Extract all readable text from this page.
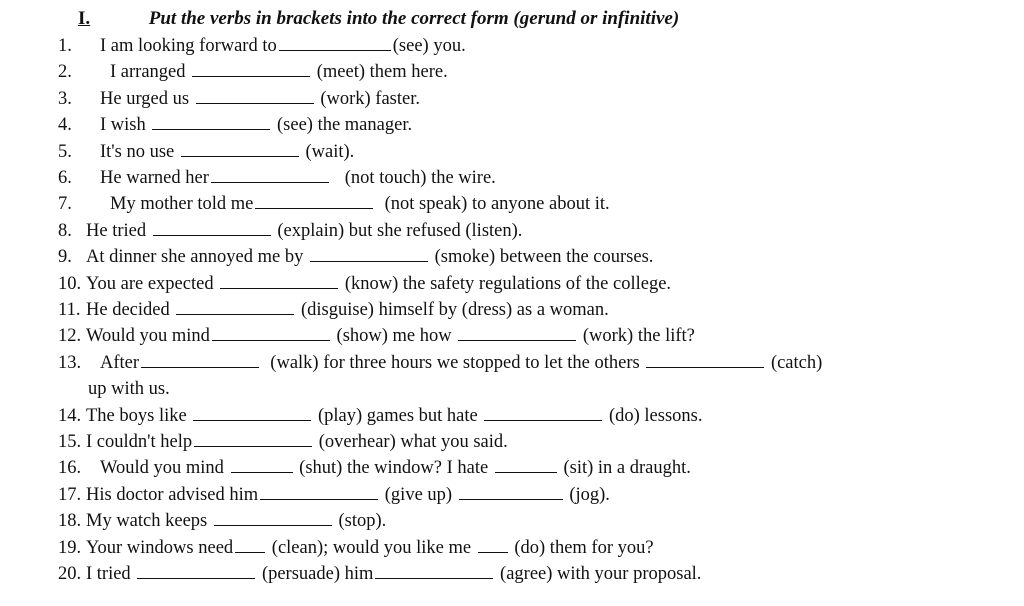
I.	Put the verbs in brackets into the correct form (gerund or infinitive)
1. I am looking forward to	(see) you.
2. I arranged	(meet) them here.
3. He urged us	(work) faster.
4. I wish	(see) the manager.
5. It's no use	(wait).
6. He warned her	(not touch) the wire.
7. My mother told me	(not speak) to anyone about it.
8. He tried	(explain) but she refused (listen).
9. At dinner she annoyed me by	(smoke) between the courses.
10. You are expected	(know) the safety regulations of the college.
11. He decided	(disguise) himself by (dress) as a woman.
12. Would you mind	(show) me how	(work) the lift?
13. After	(walk) for three hours we stopped to let the others	(catch)
up with us.
14. The boys like	(play) games but hate	(do) lessons.
15. I couldn't help	(overhear) what you said.
16. Would you mind	(shut) the window? I hate	(sit) in a draught.
17. His doctor advised him	(give up)	(jog).
18. My watch keeps	(stop).
19. Your windows need (clean); would you like me  (do) them for you?
20. I tried	(persuade) him	(agree) with your proposal.
